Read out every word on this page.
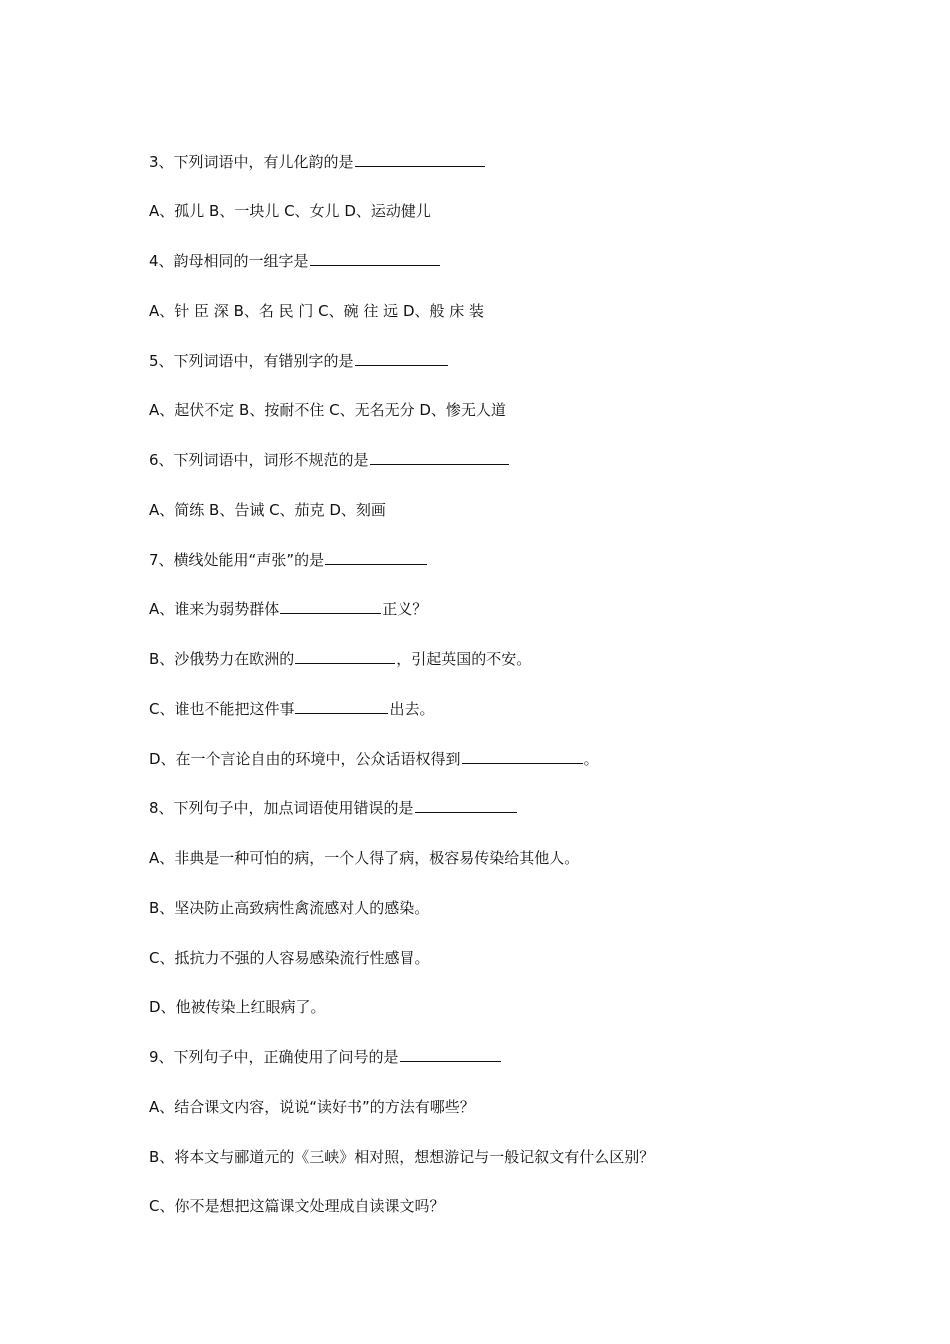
3、下列词语中，有儿化韵的是
A、孤儿 B、一块儿 C、女儿 D、运动健儿
4、韵母相同的一组字是
A、针 臣 深 B、名 民 门 C、碗 往 远 D、般 床 装
5、下列词语中，有错别字的是
A、起伏不定 B、按耐不住 C、无名无分 D、惨无人道
6、下列词语中，词形不规范的是
A、简练 B、告诫 C、茄克 D、刻画
7、横线处能用“声张”的是
A、谁来为弱势群体	正义？
B、沙俄势力在欧洲的	，引起英国的不安。
C、谁也不能把这件事	出去。
D、在一个言论自由的环境中，公众话语权得到	。
8、下列句子中，加点词语使用错误的是
A、非典是一种可怕的病，一个人得了病，极容易传染给其他人。
B、坚决防止高致病性禽流感对人的感染。
C、抵抗力不强的人容易感染流行性感冒。
D、他被传染上红眼病了。
9、下列句子中，正确使用了问号的是
A、结合课文内容，说说“读好书”的方法有哪些？
B、将本文与郦道元的《三峡》相对照，想想游记与一般记叙文有什么区别？
C、你不是想把这篇课文处理成自读课文吗？
